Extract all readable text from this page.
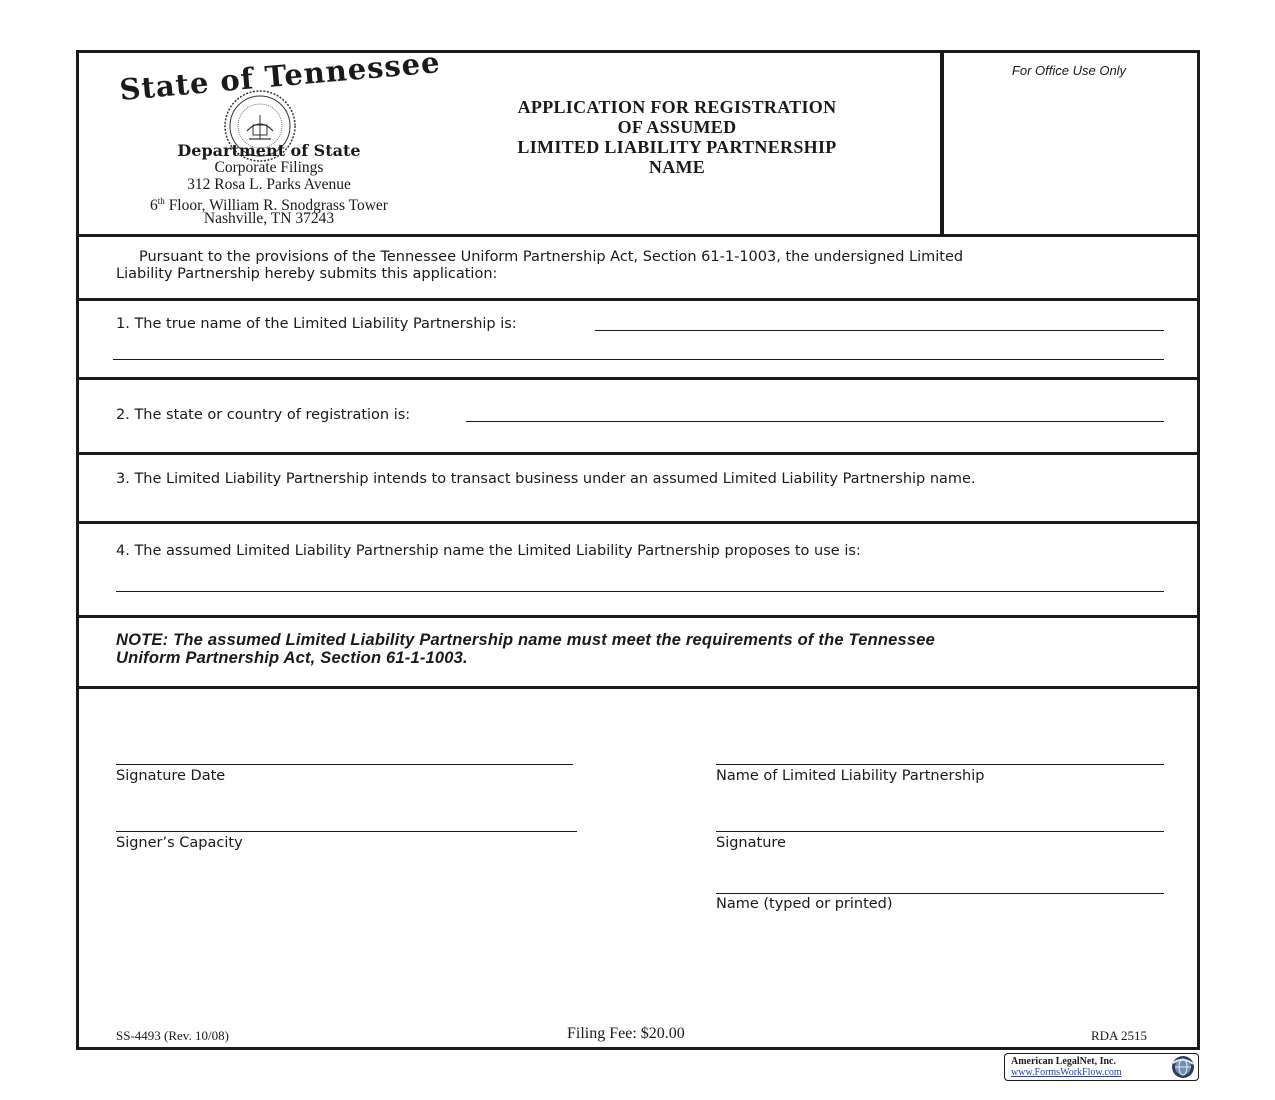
State of Tennessee
Department of State
Corporate Filings
312 Rosa L. Parks Avenue
6th Floor, William R. Snodgrass Tower
Nashville, TN 37243
APPLICATION FOR REGISTRATION
OF ASSUMED
LIMITED LIABILITY PARTNERSHIP
NAME
For Office Use Only
Pursuant to the provisions of the Tennessee Uniform Partnership Act, Section 61-1-1003, the undersigned Limited
Liability Partnership hereby submits this application:
1. The true name of the Limited Liability Partnership is:
2. The state or country of registration is:
3. The Limited Liability Partnership intends to transact business under an assumed Limited Liability Partnership name.
4. The assumed Limited Liability Partnership name the Limited Liability Partnership proposes to use is:
NOTE: The assumed Limited Liability Partnership name must meet the requirements of the Tennessee
Uniform Partnership Act, Section 61-1-1003.
Signature Date	Name of Limited Liability Partnership
Signer’s Capacity	Signature
Name (typed or printed)
SS-4493 (Rev. 10/08)	Filing Fee: $20.00	RDA 2515
American LegalNet, Inc.
www.FormsWorkFlow.com
